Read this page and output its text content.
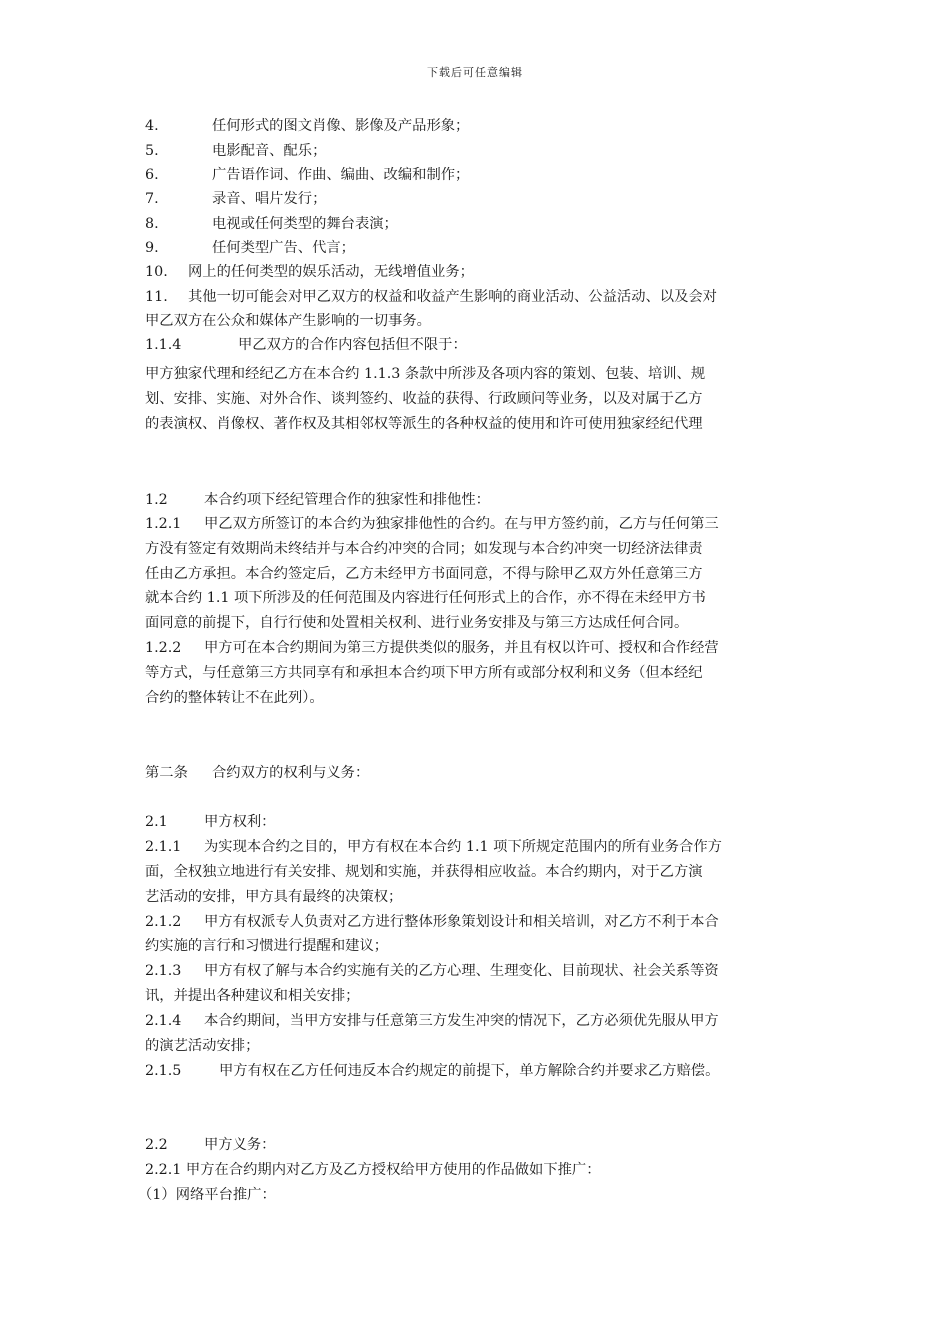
下载后可任意编辑
4.	任何形式的图文肖像、影像及产品形象；
5.	电影配音、配乐；
6.	广告语作词、作曲、编曲、改编和制作；
7.	录音、唱片发行；
8.	电视或任何类型的舞台表演；
9.	任何类型广告、代言；
10. 网上的任何类型的娱乐活动，无线增值业务；
11. 其他一切可能会对甲乙双方的权益和收益产生影响的商业活动、公益活动、以及会对
甲乙双方在公众和媒体产生影响的一切事务。
1.1.4	甲乙双方的合作内容包括但不限于：
甲方独家代理和经纪乙方在本合约 1.1.3 条款中所涉及各项内容的策划、包装、培训、规
划、安排、实施、对外合作、谈判签约、收益的获得、行政顾问等业务，以及对属于乙方
的表演权、肖像权、著作权及其相邻权等派生的各种权益的使用和许可使用独家经纪代理
1.2	本合约项下经纪管理合作的独家性和排他性：
1.2.1 甲乙双方所签订的本合约为独家排他性的合约。在与甲方签约前，乙方与任何第三
方没有签定有效期尚未终结并与本合约冲突的合同；如发现与本合约冲突一切经济法律责
任由乙方承担。本合约签定后，乙方未经甲方书面同意，不得与除甲乙双方外任意第三方
就本合约 1.1 项下所涉及的任何范围及内容进行任何形式上的合作，亦不得在未经甲方书
面同意的前提下，自行行使和处置相关权利、进行业务安排及与第三方达成任何合同。
1.2.2 甲方可在本合约期间为第三方提供类似的服务，并且有权以许可、授权和合作经营
等方式，与任意第三方共同享有和承担本合约项下甲方所有或部分权利和义务（但本经纪
合约的整体转让不在此列）。
第二条 合约双方的权利与义务：
2.1	甲方权利：
2.1.1 为实现本合约之目的，甲方有权在本合约 1.1 项下所规定范围内的所有业务合作方
面，全权独立地进行有关安排、规划和实施，并获得相应收益。本合约期内，对于乙方演
艺活动的安排，甲方具有最终的决策权；
2.1.2 甲方有权派专人负责对乙方进行整体形象策划设计和相关培训，对乙方不利于本合
约实施的言行和习惯进行提醒和建议；
2.1.3 甲方有权了解与本合约实施有关的乙方心理、生理变化、目前现状、社会关系等资
讯，并提出各种建议和相关安排；
2.1.4 本合约期间，当甲方安排与任意第三方发生冲突的情况下，乙方必须优先服从甲方
的演艺活动安排；
2.1.5	甲方有权在乙方任何违反本合约规定的前提下，单方解除合约并要求乙方赔偿。
2.2	甲方义务：
2.2.1 甲方在合约期内对乙方及乙方授权给甲方使用的作品做如下推广：
（1）网络平台推广：
